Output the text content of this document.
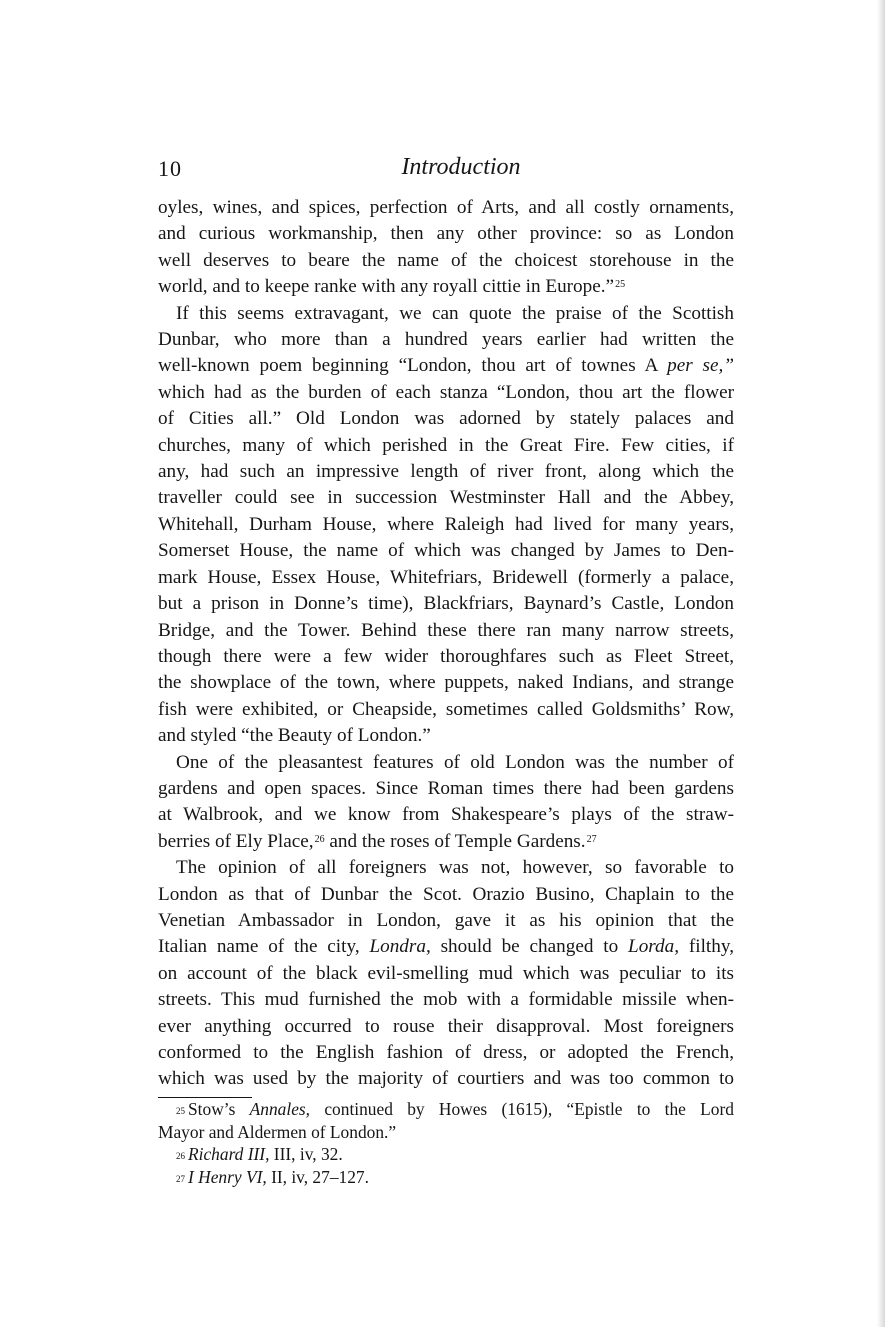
10	Introduction

oyles, wines, and spices, perfection of Arts, and all costly ornaments,
and curious workmanship, then any other province: so as London
well deserves to beare the name of the choicest storehouse in the
world, and to keepe ranke with any royall cittie in Europe.”$^{25}$

If this seems extravagant, we can quote the praise of the Scottish
Dunbar, who more than a hundred years earlier had written the
well-known poem beginning “London, thou art of townes A per se,”
which had as the burden of each stanza “London, thou art the flower
of Cities all.” Old London was adorned by stately palaces and
churches, many of which perished in the Great Fire. Few cities, if
any, had such an impressive length of river front, along which the
traveller could see in succession Westminster Hall and the Abbey,
Whitehall, Durham House, where Raleigh had lived for many years,
Somerset House, the name of which was changed by James to Den-
mark House, Essex House, Whitefriars, Bridewell (formerly a palace,
but a prison in Donne’s time), Blackfriars, Baynard’s Castle, London
Bridge, and the Tower. Behind these there ran many narrow streets,
though there were a few wider thoroughfares such as Fleet Street,
the showplace of the town, where puppets, naked Indians, and strange
fish were exhibited, or Cheapside, sometimes called Goldsmiths’ Row,
and styled “the Beauty of London.”

One of the pleasantest features of old London was the number of
gardens and open spaces. Since Roman times there had been gardens
at Walbrook, and we know from Shakespeare’s plays of the straw-
berries of Ely Place,$^{26}$ and the roses of Temple Gardens.$^{27}$

The opinion of all foreigners was not, however, so favorable to
London as that of Dunbar the Scot. Orazio Busino, Chaplain to the
Venetian Ambassador in London, gave it as his opinion that the
Italian name of the city, Londra, should be changed to Lorda, filthy,
on account of the black evil-smelling mud which was peculiar to its
streets. This mud furnished the mob with a formidable missile when-
ever anything occurred to rouse their disapproval. Most foreigners
conformed to the English fashion of dress, or adopted the French,
which was used by the majority of courtiers and was too common to

$^{25}$ Stow’s Annales, continued by Howes (1615), “Epistle to the Lord
Mayor and Aldermen of London.”

$^{26}$ Richard III, III, iv, 32.

$^{27}$ I Henry VI, II, iv, 27–127.
